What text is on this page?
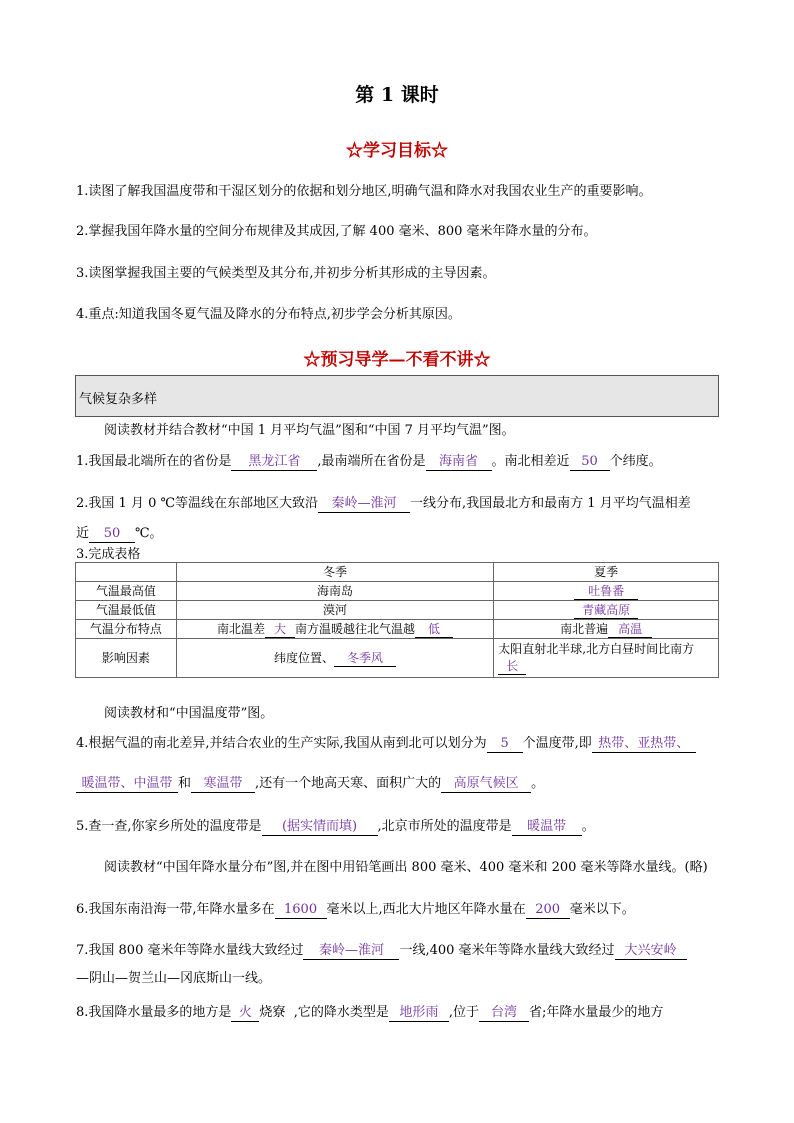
第 1 课时
☆学习目标☆
1.读图了解我国温度带和干湿区划分的依据和划分地区,明确气温和降水对我国农业生产的重要影响。
2.掌握我国年降水量的空间分布规律及其成因,了解 400 毫米、800 毫米年降水量的分布。
3.读图掌握我国主要的气候类型及其分布,并初步分析其形成的主导因素。
4.重点:知道我国冬夏气温及降水的分布特点,初步学会分析其原因。
☆预习导学—不看不讲☆
气候复杂多样
阅读教材并结合教材“中国 1 月平均气温”图和“中国 7 月平均气温”图。
1.我国最北端所在的省份是 黑龙江省 ,最南端所在省份是 海南省 。南北相差近 50 个纬度。
2.我国 1 月 0 ℃等温线在东部地区大致沿 秦岭—淮河 一线分布,我国最北方和最南方 1 月平均气温相差
近 50 ℃。
3.完成表格
	冬季	夏季
气温最高值	海南岛	吐鲁番
气温最低值	漠河	青藏高原
气温分布特点	南北温差 大 南方温暖越往北气温越 低	南北普遍 高温
影响因素	纬度位置、 冬季风	太阳直射北半球,北方白昼时间比南方
长
阅读教材和“中国温度带”图。
4.根据气温的南北差异,并结合农业的生产实际,我国从南到北可以划分为 5 个温度带,即 热带、亚热带、
暖温带、中温带 和 寒温带 ,还有一个地高天寒、面积广大的 高原气候区 。
5.查一查,你家乡所处的温度带是 (据实情而填) ,北京市所处的温度带是 暖温带 。
阅读教材“中国年降水量分布”图,并在图中用铅笔画出 800 毫米、400 毫米和 200 毫米等降水量线。(略)
6.我国东南沿海一带,年降水量多在 1600 毫米以上,西北大片地区年降水量在 200 毫米以下。
7.我国 800 毫米年等降水量线大致经过 秦岭—淮河 一线,400 毫米年等降水量线大致经过 大兴安岭
—阴山—贺兰山—冈底斯山一线。
8.我国降水量最多的地方是 火 烧寮 ,它的降水类型是 地形雨 ,位于 台湾 省;年降水量最少的地方
